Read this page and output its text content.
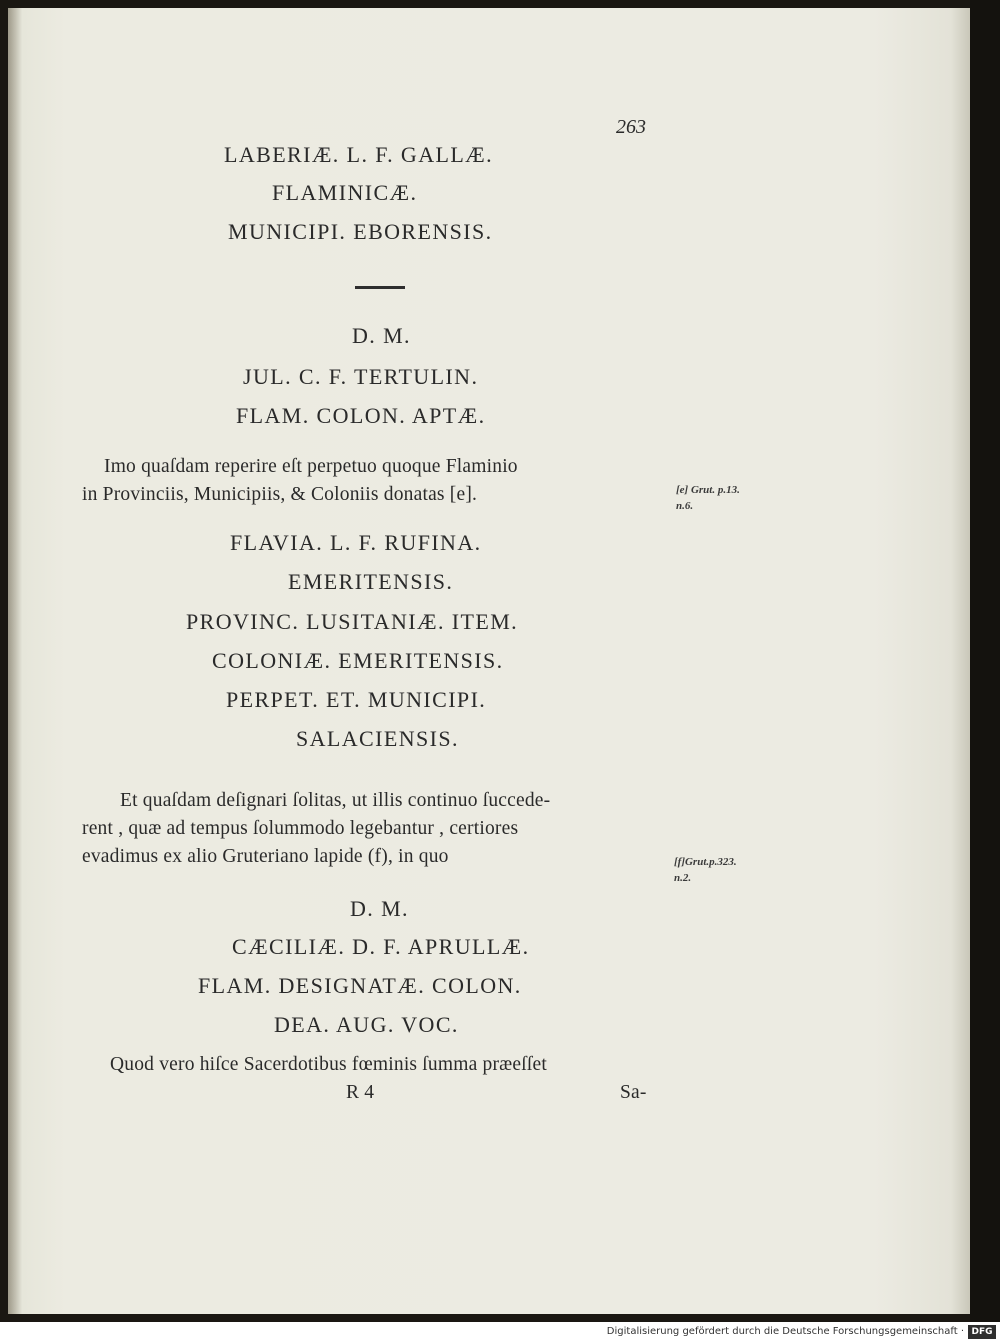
263
LABERIÆ. L. F. GALLÆ.
FLAMINICÆ.
MUNICIPI. EBORENSIS.
D. M.
JUL. C. F. TERTULIN.
FLAM. COLON. APTÆ.
Imo quaſdam reperire eſt perpetuo quoque Flaminio
in Provinciis, Municipiis, & Coloniis donatas [e].	[e] Grut. p.13.
n.6.
FLAVIA. L. F. RUFINA.
EMERITENSIS.
PROVINC. LUSITANIÆ. ITEM.
COLONIÆ. EMERITENSIS.
PERPET. ET. MUNICIPI.
SALACIENSIS.
Et quaſdam deſignari ſolitas, ut illis continuo ſuccede-
rent , quæ ad tempus ſolummodo legebantur , certiores
evadimus ex alio Gruteriano lapide (f), in quo	[f]Grut.p.323.
n.2.
D. M.
CÆCILIÆ. D. F. APRULLÆ.
FLAM. DESIGNATÆ. COLON.
DEA. AUG. VOC.
Quod vero hiſce Sacerdotibus fœminis ſumma præeſſet
R 4	Sa-
Digitalisierung gefördert durch die Deutsche Forschungsgemeinschaft · DFG
